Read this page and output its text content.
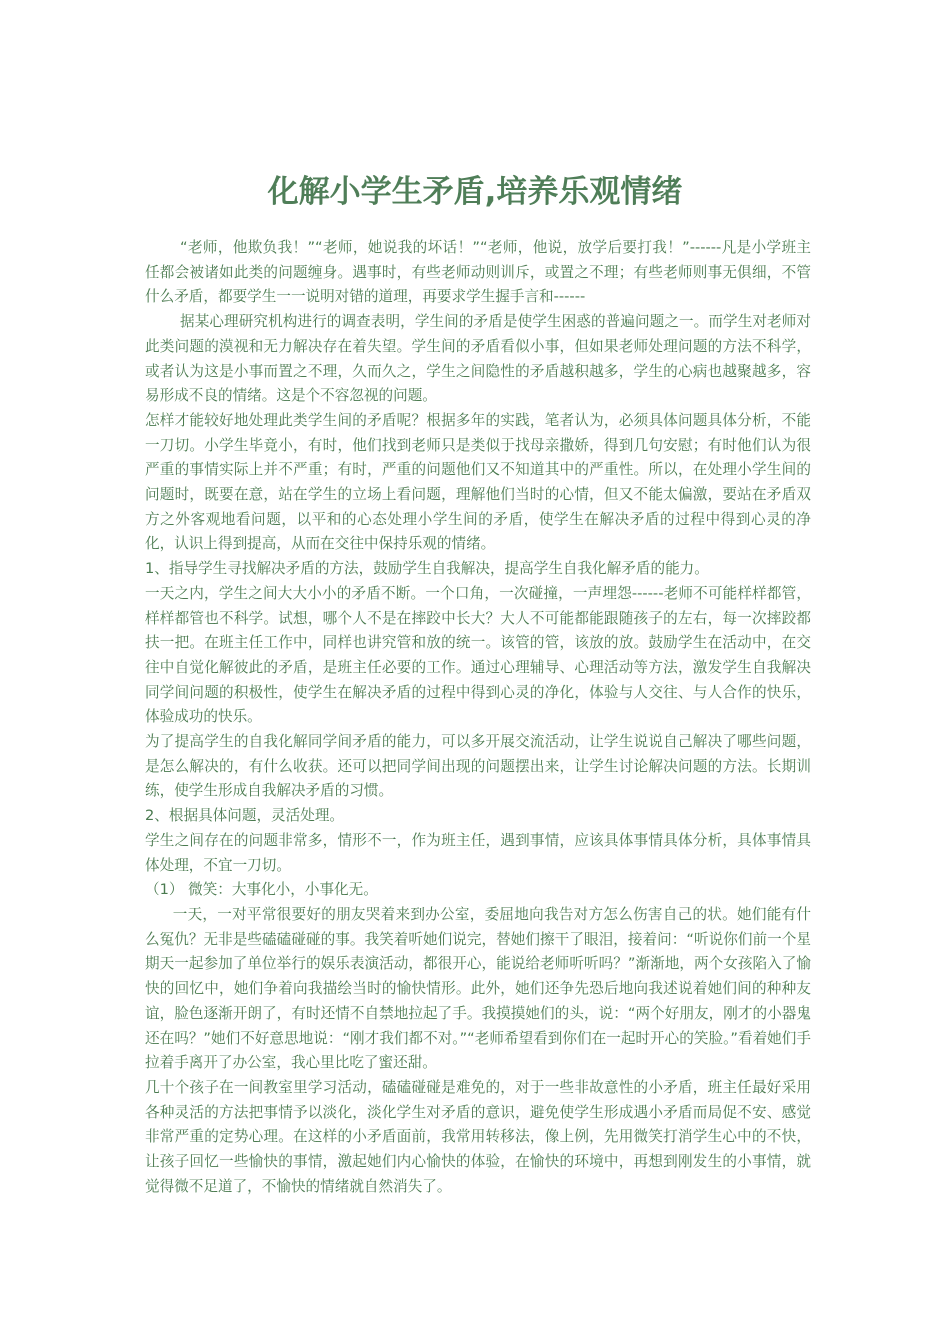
化解小学生矛盾,培养乐观情绪

“老师，他欺负我！”“老师，她说我的坏话！”“老师，他说，放学后要打我！”------凡是小学班主任都会被诸如此类的问题缠身。遇事时，有些老师动则训斥，或置之不理；有些老师则事无俱细，不管什么矛盾，都要学生一一说明对错的道理，再要求学生握手言和------

据某心理研究机构进行的调查表明，学生间的矛盾是使学生困惑的普遍问题之一。而学生对老师对此类问题的漠视和无力解决存在着失望。学生间的矛盾看似小事，但如果老师处理问题的方法不科学，或者认为这是小事而置之不理，久而久之，学生之间隐性的矛盾越积越多，学生的心病也越聚越多，容易形成不良的情绪。这是个不容忽视的问题。

怎样才能较好地处理此类学生间的矛盾呢？根据多年的实践，笔者认为，必须具体问题具体分析，不能一刀切。小学生毕竟小，有时，他们找到老师只是类似于找母亲撒娇，得到几句安慰；有时他们认为很严重的事情实际上并不严重；有时，严重的问题他们又不知道其中的严重性。所以，在处理小学生间的问题时，既要在意，站在学生的立场上看问题，理解他们当时的心情，但又不能太偏激，要站在矛盾双方之外客观地看问题，以平和的心态处理小学生间的矛盾，使学生在解决矛盾的过程中得到心灵的净化，认识上得到提高，从而在交往中保持乐观的情绪。

1、指导学生寻找解决矛盾的方法，鼓励学生自我解决，提高学生自我化解矛盾的能力。

一天之内，学生之间大大小小的矛盾不断。一个口角，一次碰撞，一声埋怨------老师不可能样样都管，样样都管也不科学。试想，哪个人不是在摔跤中长大？大人不可能都能跟随孩子的左右，每一次摔跤都扶一把。在班主任工作中，同样也讲究管和放的统一。该管的管，该放的放。鼓励学生在活动中，在交往中自觉化解彼此的矛盾，是班主任必要的工作。通过心理辅导、心理活动等方法，激发学生自我解决同学间问题的积极性，使学生在解决矛盾的过程中得到心灵的净化，体验与人交往、与人合作的快乐，体验成功的快乐。

为了提高学生的自我化解同学间矛盾的能力，可以多开展交流活动，让学生说说自己解决了哪些问题，是怎么解决的，有什么收获。还可以把同学间出现的问题摆出来，让学生讨论解决问题的方法。长期训练，使学生形成自我解决矛盾的习惯。

2、根据具体问题，灵活处理。

学生之间存在的问题非常多，情形不一，作为班主任，遇到事情，应该具体事情具体分析，具体事情具体处理，不宜一刀切。

（1） 微笑：大事化小，小事化无。

一天，一对平常很要好的朋友哭着来到办公室，委屈地向我告对方怎么伤害自己的状。她们能有什么冤仇？无非是些磕磕碰碰的事。我笑着听她们说完，替她们擦干了眼泪，接着问：“听说你们前一个星期天一起参加了单位举行的娱乐表演活动，都很开心，能说给老师听听吗？”渐渐地，两个女孩陷入了愉快的回忆中，她们争着向我描绘当时的愉快情形。此外，她们还争先恐后地向我述说着她们间的种种友谊，脸色逐渐开朗了，有时还情不自禁地拉起了手。我摸摸她们的头，说：“两个好朋友，刚才的小器鬼还在吗？”她们不好意思地说：“刚才我们都不对。”“老师希望看到你们在一起时开心的笑脸。”看着她们手拉着手离开了办公室，我心里比吃了蜜还甜。

几十个孩子在一间教室里学习活动，磕磕碰碰是难免的，对于一些非故意性的小矛盾，班主任最好采用各种灵活的方法把事情予以淡化，淡化学生对矛盾的意识，避免使学生形成遇小矛盾而局促不安、感觉非常严重的定势心理。在这样的小矛盾面前，我常用转移法，像上例，先用微笑打消学生心中的不快，让孩子回忆一些愉快的事情，激起她们内心愉快的体验，在愉快的环境中，再想到刚发生的小事情，就觉得微不足道了，不愉快的情绪就自然消失了。
